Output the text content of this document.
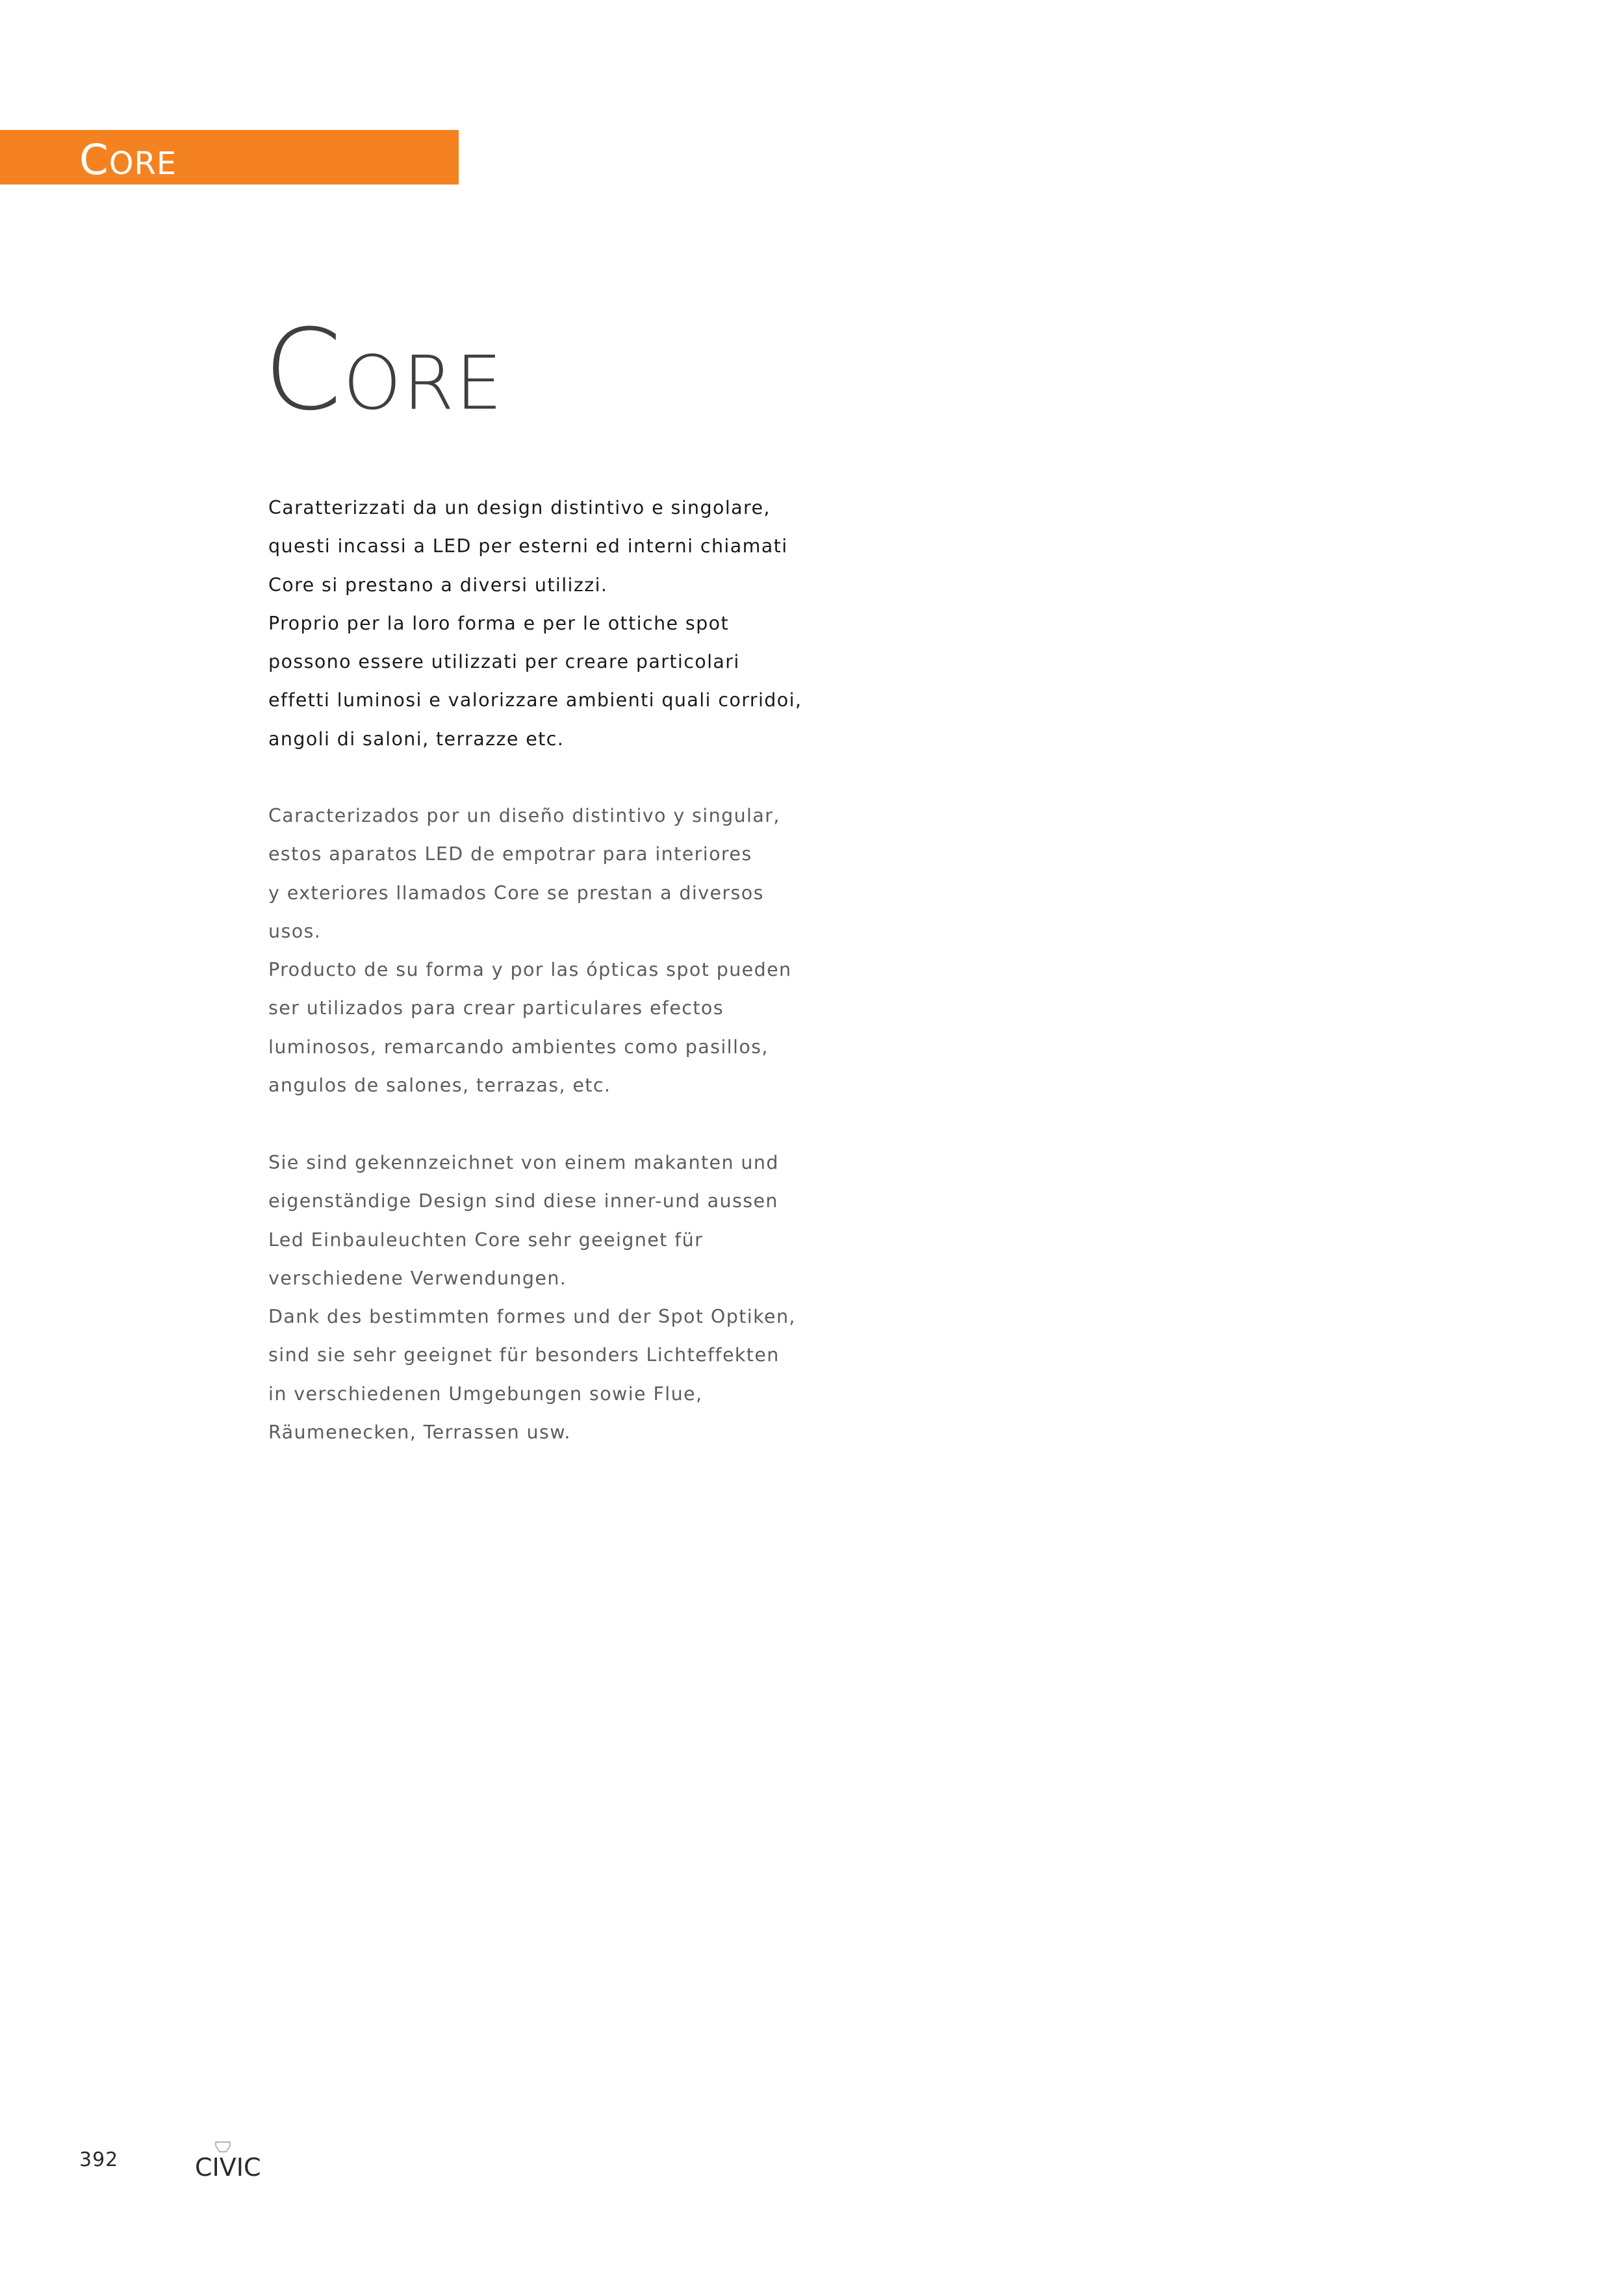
CORE
CORE

Caratterizzati da un design distintivo e singolare,
questi incassi a LED per esterni ed interni chiamati
Core si prestano a diversi utilizzi.
Proprio per la loro forma e per le ottiche spot
possono essere utilizzati per creare particolari
effetti luminosi e valorizzare ambienti quali corridoi,
angoli di saloni, terrazze etc.

Caracterizados por un diseño distintivo y singular,
estos aparatos LED de empotrar para interiores
y exteriores llamados Core se prestan a diversos
usos.
Producto de su forma y por las ópticas spot pueden
ser utilizados para crear particulares efectos
luminosos, remarcando ambientes como pasillos,
angulos de salones, terrazas, etc.

Sie sind gekennzeichnet von einem makanten und
eigenständige Design sind diese inner-und aussen
Led Einbauleuchten Core sehr geeignet für
verschiedene Verwendungen.
Dank des bestimmten formes und der Spot Optiken,
sind sie sehr geeignet für besonders Lichteffekten
in verschiedenen Umgebungen sowie Flue,
Räumenecken, Terrassen usw.

392	CIVIC
